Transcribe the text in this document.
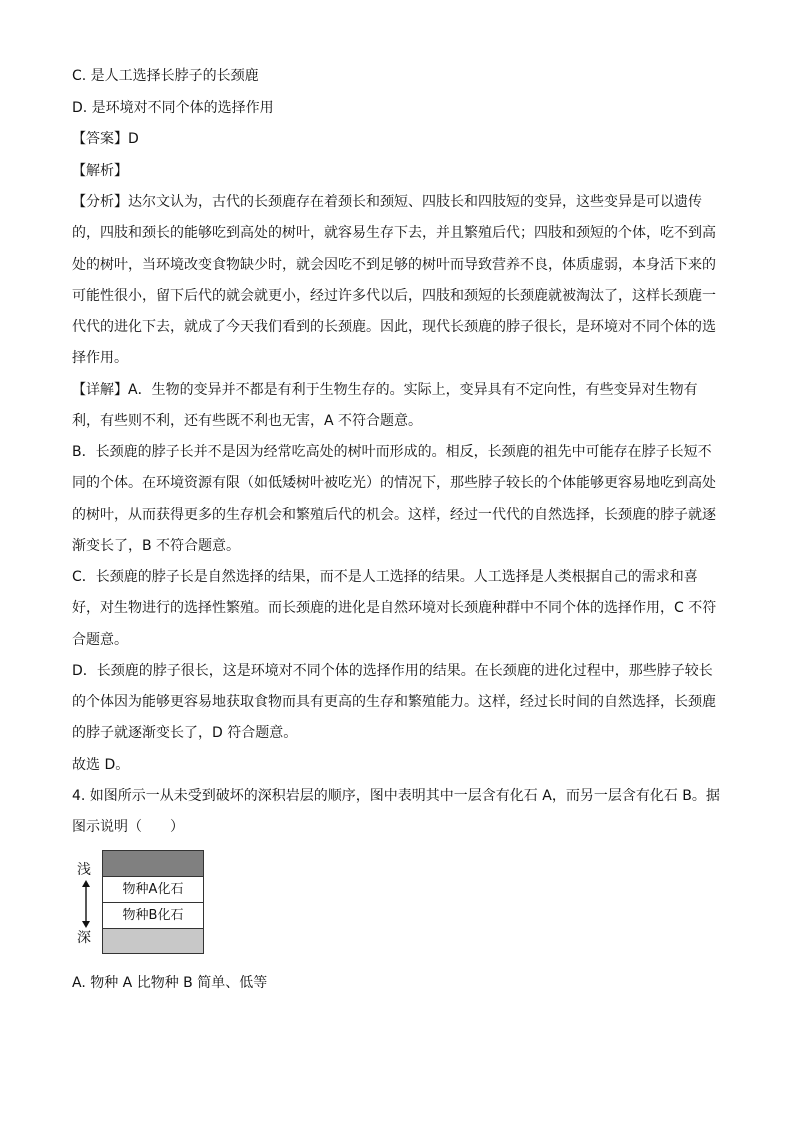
C. 是人工选择长脖子的长颈鹿
D. 是环境对不同个体的选择作用
【答案】D
【解析】
【分析】达尔文认为，古代的长颈鹿存在着颈长和颈短、四肢长和四肢短的变异，这些变异是可以遗传
的，四肢和颈长的能够吃到高处的树叶，就容易生存下去，并且繁殖后代；四肢和颈短的个体，吃不到高
处的树叶，当环境改变食物缺少时，就会因吃不到足够的树叶而导致营养不良，体质虚弱，本身活下来的
可能性很小，留下后代的就会就更小，经过许多代以后，四肢和颈短的长颈鹿就被淘汰了，这样长颈鹿一
代代的进化下去，就成了今天我们看到的长颈鹿。因此，现代长颈鹿的脖子很长，是环境对不同个体的选
择作用。
【详解】A．生物的变异并不都是有利于生物生存的。实际上，变异具有不定向性，有些变异对生物有
利，有些则不利，还有些既不利也无害，A 不符合题意。
B．长颈鹿的脖子长并不是因为经常吃高处的树叶而形成的。相反，长颈鹿的祖先中可能存在脖子长短不
同的个体。在环境资源有限（如低矮树叶被吃光）的情况下，那些脖子较长的个体能够更容易地吃到高处
的树叶，从而获得更多的生存机会和繁殖后代的机会。这样，经过一代代的自然选择，长颈鹿的脖子就逐
渐变长了，B 不符合题意。
C．长颈鹿的脖子长是自然选择的结果，而不是人工选择的结果。人工选择是人类根据自己的需求和喜
好，对生物进行的选择性繁殖。而长颈鹿的进化是自然环境对长颈鹿种群中不同个体的选择作用，C 不符
合题意。
D．长颈鹿的脖子很长，这是环境对不同个体的选择作用的结果。在长颈鹿的进化过程中，那些脖子较长
的个体因为能够更容易地获取食物而具有更高的生存和繁殖能力。这样，经过长时间的自然选择，长颈鹿
的脖子就逐渐变长了，D 符合题意。
故选 D。
4. 如图所示一从未受到破坏的深积岩层的顺序，图中表明其中一层含有化石 A，而另一层含有化石 B。据
图示说明（　　）
A. 物种 A 比物种 B 简单、低等
浅
深
物种A化石
物种B化石
